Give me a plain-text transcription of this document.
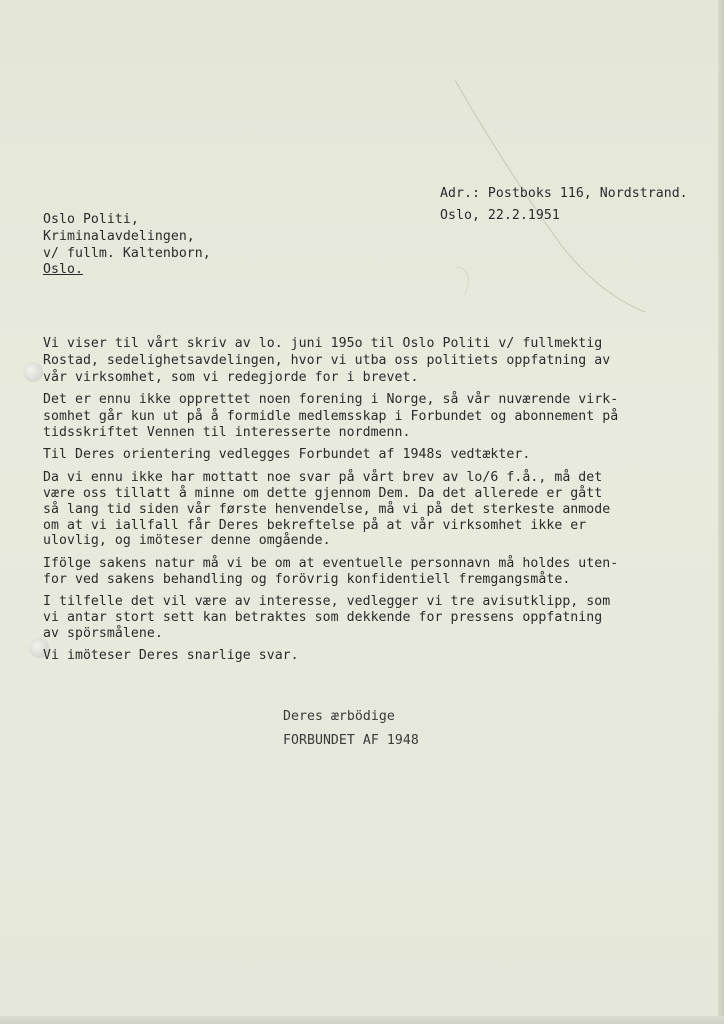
Adr.: Postboks 116, Nordstrand.
Oslo, 22.2.1951
Oslo Politi,
Kriminalavdelingen,
v/ fullm. Kaltenborn,
Oslo.
Vi viser til vårt skriv av lo. juni 195o til Oslo Politi v/ fullmektig
Rostad, sedelighetsavdelingen, hvor vi utba oss politiets oppfatning av
vår virksomhet, som vi redegjorde for i brevet.
Det er ennu ikke opprettet noen forening i Norge, så vår nuværende virk-
somhet går kun ut på å formidle medlemsskap i Forbundet og abonnement på
tidsskriftet Vennen til interesserte nordmenn.
Til Deres orientering vedlegges Forbundet af 1948s vedtækter.
Da vi ennu ikke har mottatt noe svar på vårt brev av lo/6 f.å., må det
være oss tillatt å minne om dette gjennom Dem. Da det allerede er gått
så lang tid siden vår første henvendelse, må vi på det sterkeste anmode
om at vi iallfall får Deres bekreftelse på at vår virksomhet ikke er
ulovlig, og imöteser denne omgående.
Ifölge sakens natur må vi be om at eventuelle personnavn må holdes uten-
for ved sakens behandling og forövrig konfidentiell fremgangsmåte.
I tilfelle det vil være av interesse, vedlegger vi tre avisutklipp, som
vi antar stort sett kan betraktes som dekkende for pressens oppfatning
av spörsmålene.
Vi imöteser Deres snarlige svar.
Deres ærbödige
FORBUNDET AF 1948
